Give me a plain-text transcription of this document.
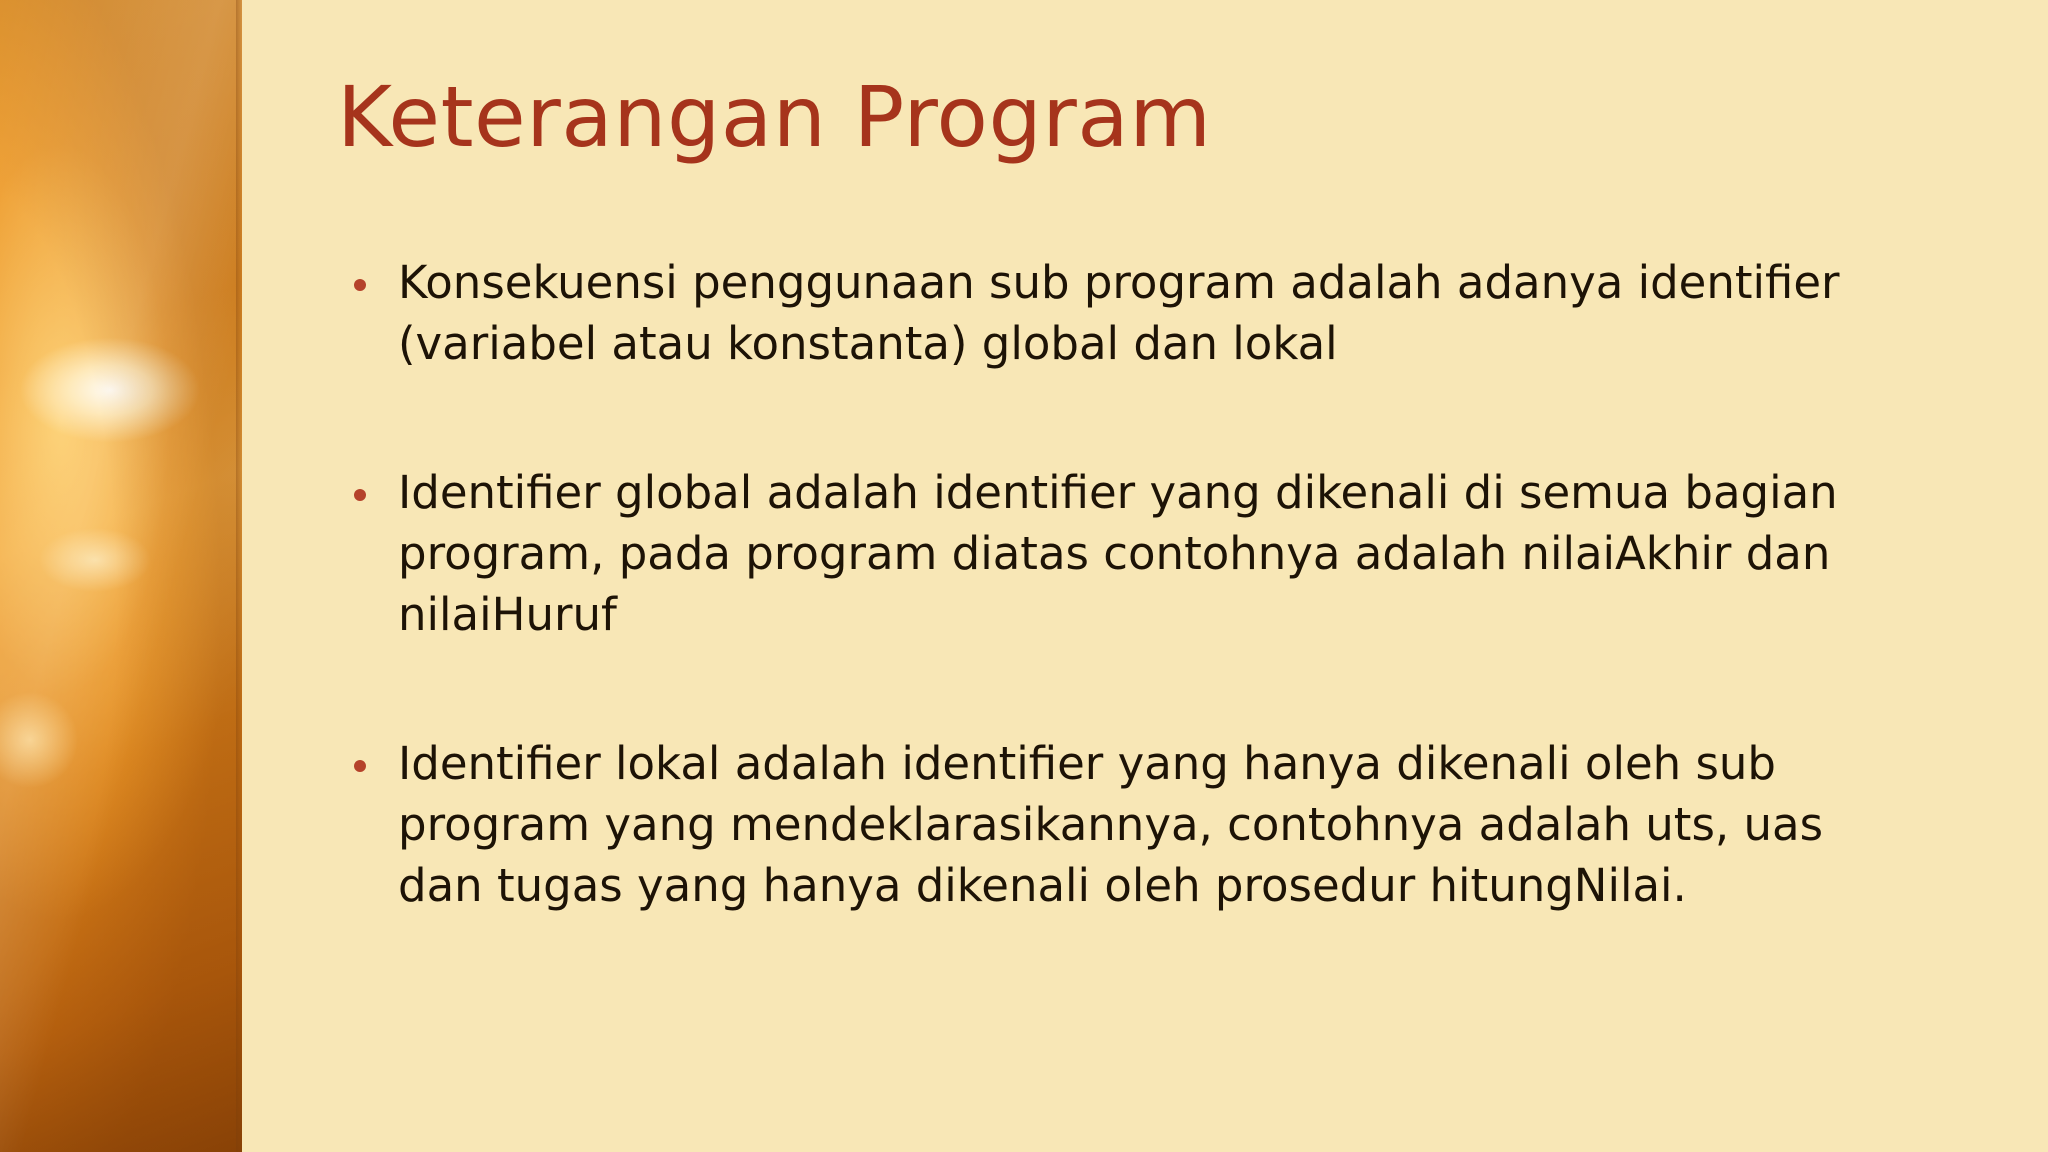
Keterangan Program
Konsekuensi penggunaan sub program adalah adanya identifier (variabel atau konstanta) global dan lokal
Identifier global adalah identifier yang dikenali di semua bagian program, pada program diatas contohnya adalah nilaiAkhir dan nilaiHuruf
Identifier lokal adalah identifier yang hanya dikenali oleh sub program yang mendeklarasikannya, contohnya adalah uts, uas dan tugas yang hanya dikenali oleh prosedur hitungNilai.
